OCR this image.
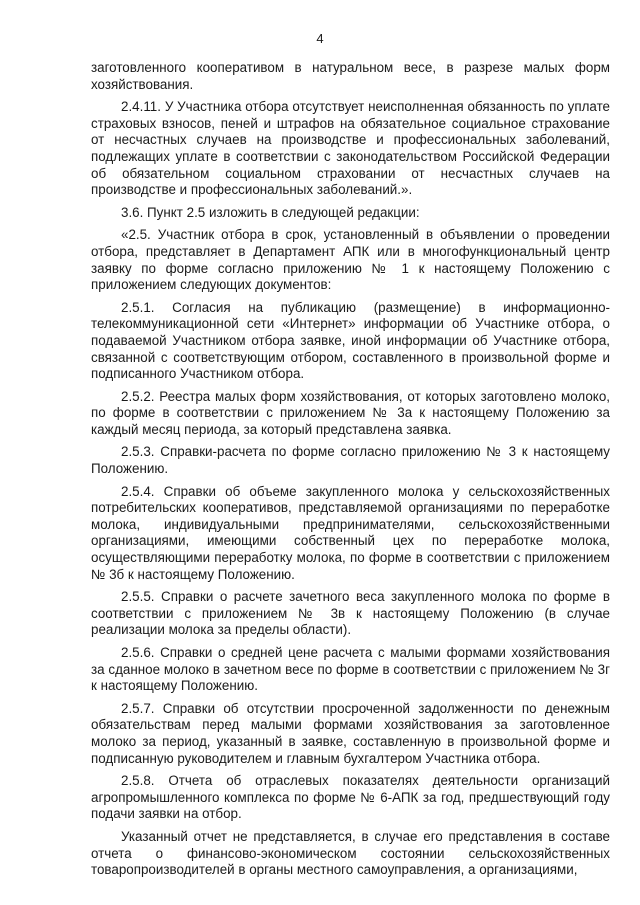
4

заготовленного кооперативом в натуральном весе, в разрезе малых форм хозяйствования.

2.4.11. У Участника отбора отсутствует неисполненная обязанность по уплате страховых взносов, пеней и штрафов на обязательное социальное страхование от несчастных случаев на производстве и профессиональных заболеваний, подлежащих уплате в соответствии с законодательством Российской Федерации об обязательном социальном страховании от несчастных случаев на производстве и профессиональных заболеваний.».

3.6. Пункт 2.5 изложить в следующей редакции:

«2.5. Участник отбора в срок, установленный в объявлении о проведении отбора, представляет в Департамент АПК или в многофункциональный центр заявку по форме согласно приложению № 1 к настоящему Положению с приложением следующих документов:

2.5.1. Согласия на публикацию (размещение) в информационно-телекоммуникационной сети «Интернет» информации об Участнике отбора, о подаваемой Участником отбора заявке, иной информации об Участнике отбора, связанной с соответствующим отбором, составленного в произвольной форме и подписанного Участником отбора.

2.5.2. Реестра малых форм хозяйствования, от которых заготовлено молоко, по форме в соответствии с приложением № 3а к настоящему Положению за каждый месяц периода, за который представлена заявка.

2.5.3. Справки-расчета по форме согласно приложению № 3 к настоящему Положению.

2.5.4. Справки об объеме закупленного молока у сельскохозяйственных потребительских кооперативов, представляемой организациями по переработке молока, индивидуальными предпринимателями, сельскохозяйственными организациями, имеющими собственный цех по переработке молока, осуществляющими переработку молока, по форме в соответствии с приложением № 3б к настоящему Положению.

2.5.5. Справки о расчете зачетного веса закупленного молока по форме в соответствии с приложением № 3в к настоящему Положению (в случае реализации молока за пределы области).

2.5.6. Справки о средней цене расчета с малыми формами хозяйствования за сданное молоко в зачетном весе по форме в соответствии с приложением № 3г к настоящему Положению.

2.5.7. Справки об отсутствии просроченной задолженности по денежным обязательствам перед малыми формами хозяйствования за заготовленное молоко за период, указанный в заявке, составленную в произвольной форме и подписанную руководителем и главным бухгалтером Участника отбора.

2.5.8. Отчета об отраслевых показателях деятельности организаций агропромышленного комплекса по форме № 6-АПК за год, предшествующий году подачи заявки на отбор.

Указанный отчет не представляется, в случае его представления в составе отчета о финансово-экономическом состоянии сельскохозяйственных товаропроизводителей в органы местного самоуправления, а организациями,
